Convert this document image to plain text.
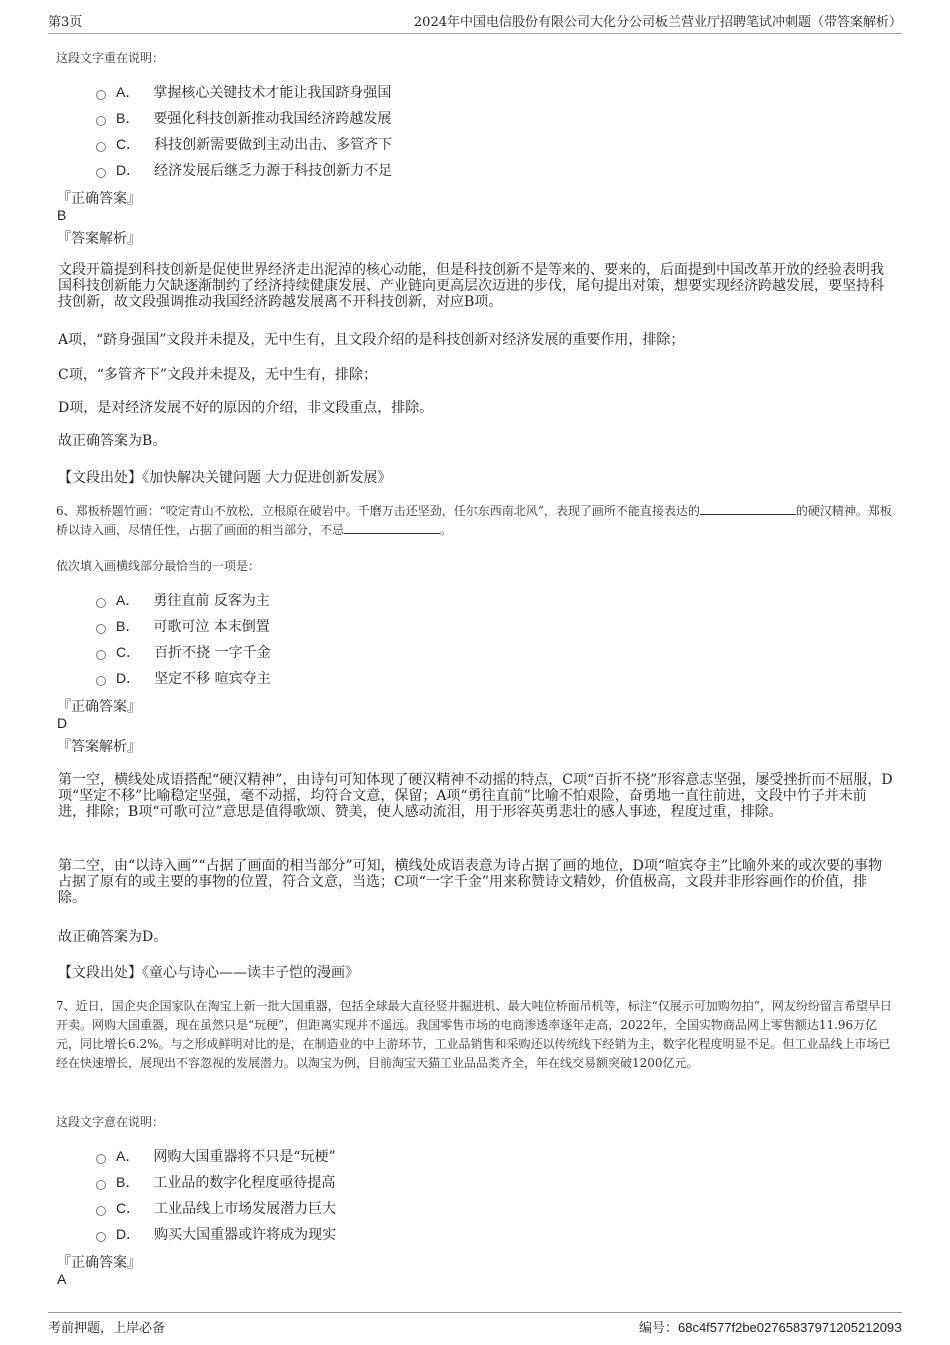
第3页	2024年中国电信股份有限公司大化分公司板兰营业厅招聘笔试冲刺题（带答案解析）
这段文字重在说明：
A． 掌握核心关键技术才能让我国跻身强国
B． 要强化科技创新推动我国经济跨越发展
C． 科技创新需要做到主动出击、多管齐下
D． 经济发展后继乏力源于科技创新力不足
『正确答案』
B
『答案解析』
文段开篇提到科技创新是促使世界经济走出泥淖的核心动能，但是科技创新不是等来的、要来的，后面提到中国改革开放的经验表明我国科技创新能力欠缺逐渐制约了经济持续健康发展、产业链向更高层次迈进的步伐，尾句提出对策，想要实现经济跨越发展，要坚持科技创新，故文段强调推动我国经济跨越发展离不开科技创新，对应B项。
A项，“跻身强国”文段并未提及，无中生有，且文段介绍的是科技创新对经济发展的重要作用，排除；
C项，“多管齐下”文段并未提及，无中生有，排除；
D项，是对经济发展不好的原因的介绍，非文段重点，排除。
故正确答案为B。
【文段出处】《加快解决关键问题 大力促进创新发展》
6、郑板桥题竹画：“咬定青山不放松，立根原在破岩中。千磨万击还坚劲，任尔东西南北风”，表现了画所不能直接表达的	的硬汉精神。郑板桥以诗入画，尽情任性，占据了画面的相当部分，不忌	。
依次填入画横线部分最恰当的一项是：
A． 勇往直前 反客为主
B． 可歌可泣 本末倒置
C． 百折不挠 一字千金
D． 坚定不移 喧宾夺主
『正确答案』
D
『答案解析』
第一空，横线处成语搭配“硬汉精神”，由诗句可知体现了硬汉精神不动摇的特点，C项“百折不挠”形容意志坚强，屡受挫折而不屈服，D项“坚定不移”比喻稳定坚强，毫不动摇，均符合文意，保留；A项“勇往直前”比喻不怕艰险，奋勇地一直往前进，文段中竹子并未前进，排除；B项“可歌可泣”意思是值得歌颂、赞美，使人感动流泪，用于形容英勇悲壮的感人事迹，程度过重，排除。
第二空，由“以诗入画”“占据了画面的相当部分”可知，横线处成语表意为诗占据了画的地位，D项“喧宾夺主”比喻外来的或次要的事物占据了原有的或主要的事物的位置，符合文意，当选；C项“一字千金”用来称赞诗文精妙，价值极高，文段并非形容画作的价值，排除。
故正确答案为D。
【文段出处】《童心与诗心——读丰子恺的漫画》
7、近日，国企央企国家队在淘宝上新一批大国重器，包括全球最大直径竖井掘进机、最大吨位桥面吊机等，标注“仅展示可加购勿拍”，网友纷纷留言希望早日开卖。网购大国重器，现在虽然只是“玩梗”，但距离实现并不遥远。我国零售市场的电商渗透率逐年走高，2022年，全国实物商品网上零售额达11.96万亿元，同比增长6.2%。与之形成鲜明对比的是，在制造业的中上游环节，工业品销售和采购还以传统线下经销为主，数字化程度明显不足。但工业品线上市场已经在快速增长，展现出不容忽视的发展潜力。以淘宝为例，目前淘宝天猫工业品品类齐全，年在线交易额突破1200亿元。
这段文字意在说明：
A． 网购大国重器将不只是“玩梗”
B． 工业品的数字化程度亟待提高
C． 工业品线上市场发展潜力巨大
D． 购买大国重器或许将成为现实
『正确答案』
A
考前押题，上岸必备	编号：68c4f577f2be0276583797120521209З
